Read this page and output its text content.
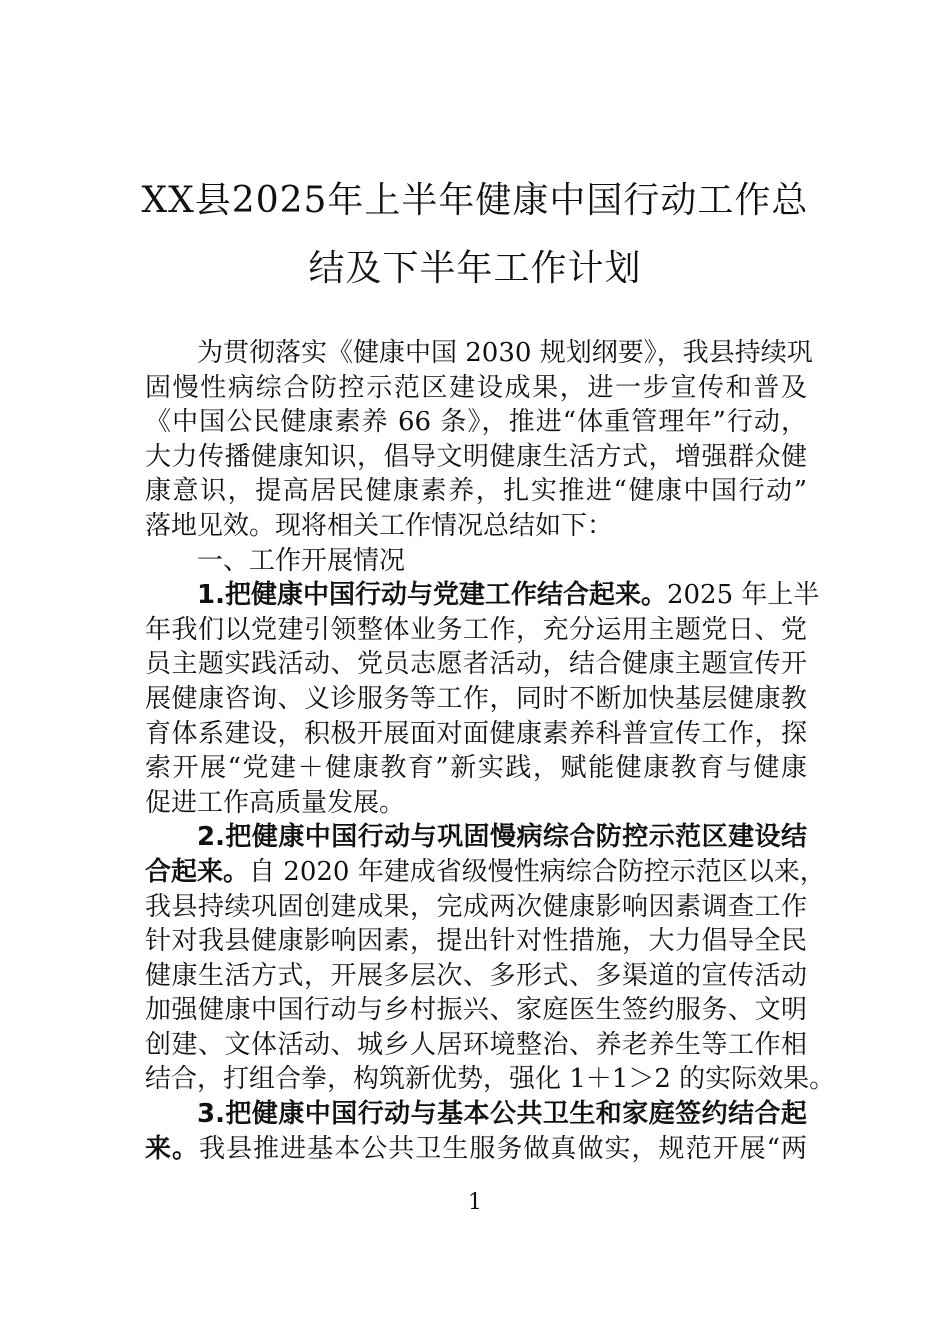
XX县2025年上半年健康中国行动工作总
结及下半年工作计划
为贯彻落实《健康中国 2030 规划纲要》，我县持续巩
固慢性病综合防控示范区建设成果，进一步宣传和普及
《中国公民健康素养 66 条》，推进“体重管理年”行动，
大力传播健康知识，倡导文明健康生活方式，增强群众健
康意识，提高居民健康素养，扎实推进“健康中国行动”
落地见效。现将相关工作情况总结如下：
一、工作开展情况
1.把健康中国行动与党建工作结合起来。2025 年上半
年我们以党建引领整体业务工作，充分运用主题党日、党
员主题实践活动、党员志愿者活动，结合健康主题宣传开
展健康咨询、义诊服务等工作，同时不断加快基层健康教
育体系建设，积极开展面对面健康素养科普宣传工作，探
索开展“党建＋健康教育”新实践，赋能健康教育与健康
促进工作高质量发展。
2.把健康中国行动与巩固慢病综合防控示范区建设结
合起来。自 2020 年建成省级慢性病综合防控示范区以来，
我县持续巩固创建成果，完成两次健康影响因素调查工作
针对我县健康影响因素，提出针对性措施，大力倡导全民
健康生活方式，开展多层次、多形式、多渠道的宣传活动
加强健康中国行动与乡村振兴、家庭医生签约服务、文明
创建、文体活动、城乡人居环境整治、养老养生等工作相
结合，打组合拳，构筑新优势，强化 1＋1＞2 的实际效果。
3.把健康中国行动与基本公共卫生和家庭签约结合起
来。我县推进基本公共卫生服务做真做实，规范开展“两
1
